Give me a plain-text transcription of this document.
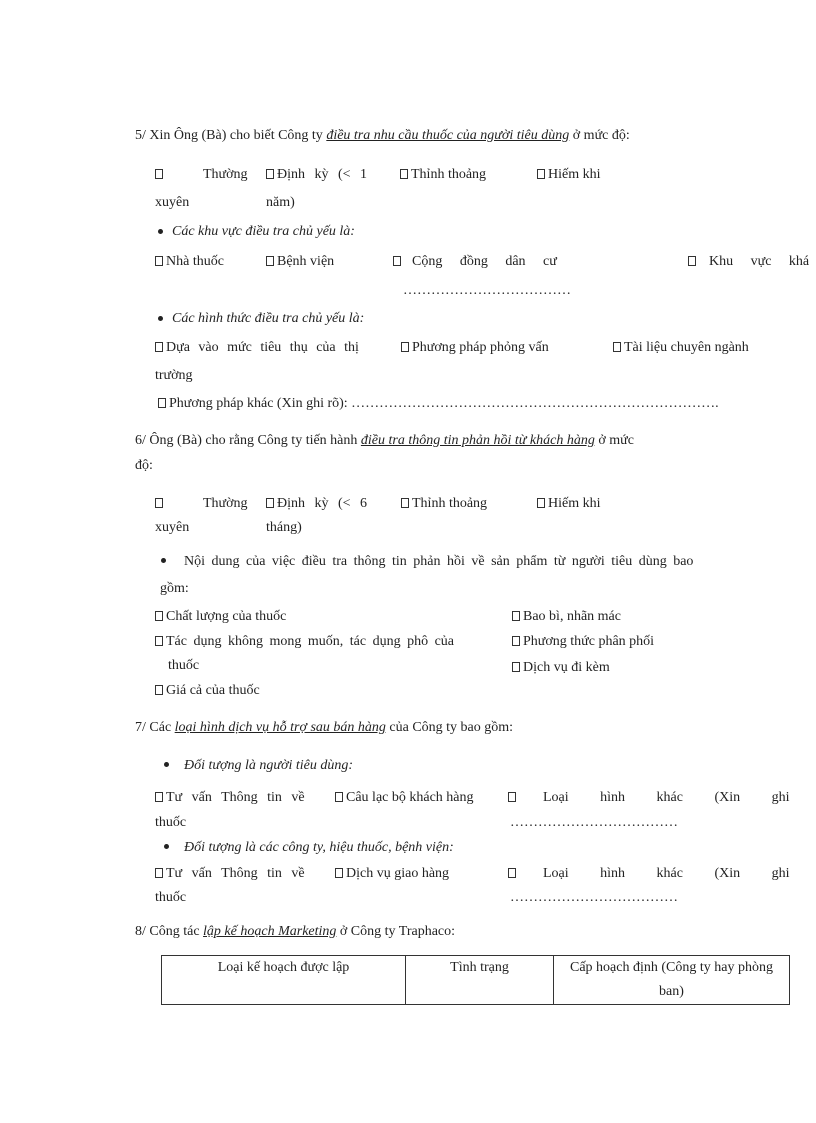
5/ Xin Ông (Bà) cho biết Công ty điều tra nhu cầu thuốc của người tiêu dùng ở mức độ:
Thường
xuyên
Định kỳ (< 1
năm)
Thỉnh thoảng	Hiếm khi
Các khu vực điều tra chủ yếu là:
Nhà thuốc	Bệnh viện	Cộng đồng dân cư	Khu vực khá
………………………………
Các hình thức điều tra chủ yếu là:
Dựa vào mức tiêu thụ của thị
trường
Phương pháp phỏng vấn	Tài liệu chuyên ngành
Phương pháp khác (Xin ghi rõ): …………………………………………………………………….
6/ Ông (Bà) cho rằng Công ty tiến hành điều tra thông tin phản hồi từ khách hàng ở mức
độ:
Thường
xuyên
Định kỳ (< 6
tháng)
Thỉnh thoảng	Hiếm khi
Nội dung của việc điều tra thông tin phản hồi về sản phẩm từ người tiêu dùng bao
gồm:
Chất lượng của thuốc
Tác dụng không mong muốn, tác dụng phô của
thuốc
Giá cả của thuốc
Bao bì, nhãn mác
Phương thức phân phối
Dịch vụ đi kèm
7/ Các loại hình dịch vụ hỗ trợ sau bán hàng của Công ty bao gồm:
Đối tượng là người tiêu dùng:
Tư vấn Thông tin về
thuốc
Câu lạc bộ khách hàng	Loại hình khác (Xin ghi
………………………………
Đối tượng là các công ty, hiệu thuốc, bệnh viện:
Tư vấn Thông tin về
thuốc
Dịch vụ giao hàng	Loại hình khác (Xin ghi
………………………………
8/ Công tác lập kế hoạch Marketing ở Công ty Traphaco:
Loại kế hoạch được lập	Tình trạng	Cấp hoạch định (Công ty hay phòng
ban)
